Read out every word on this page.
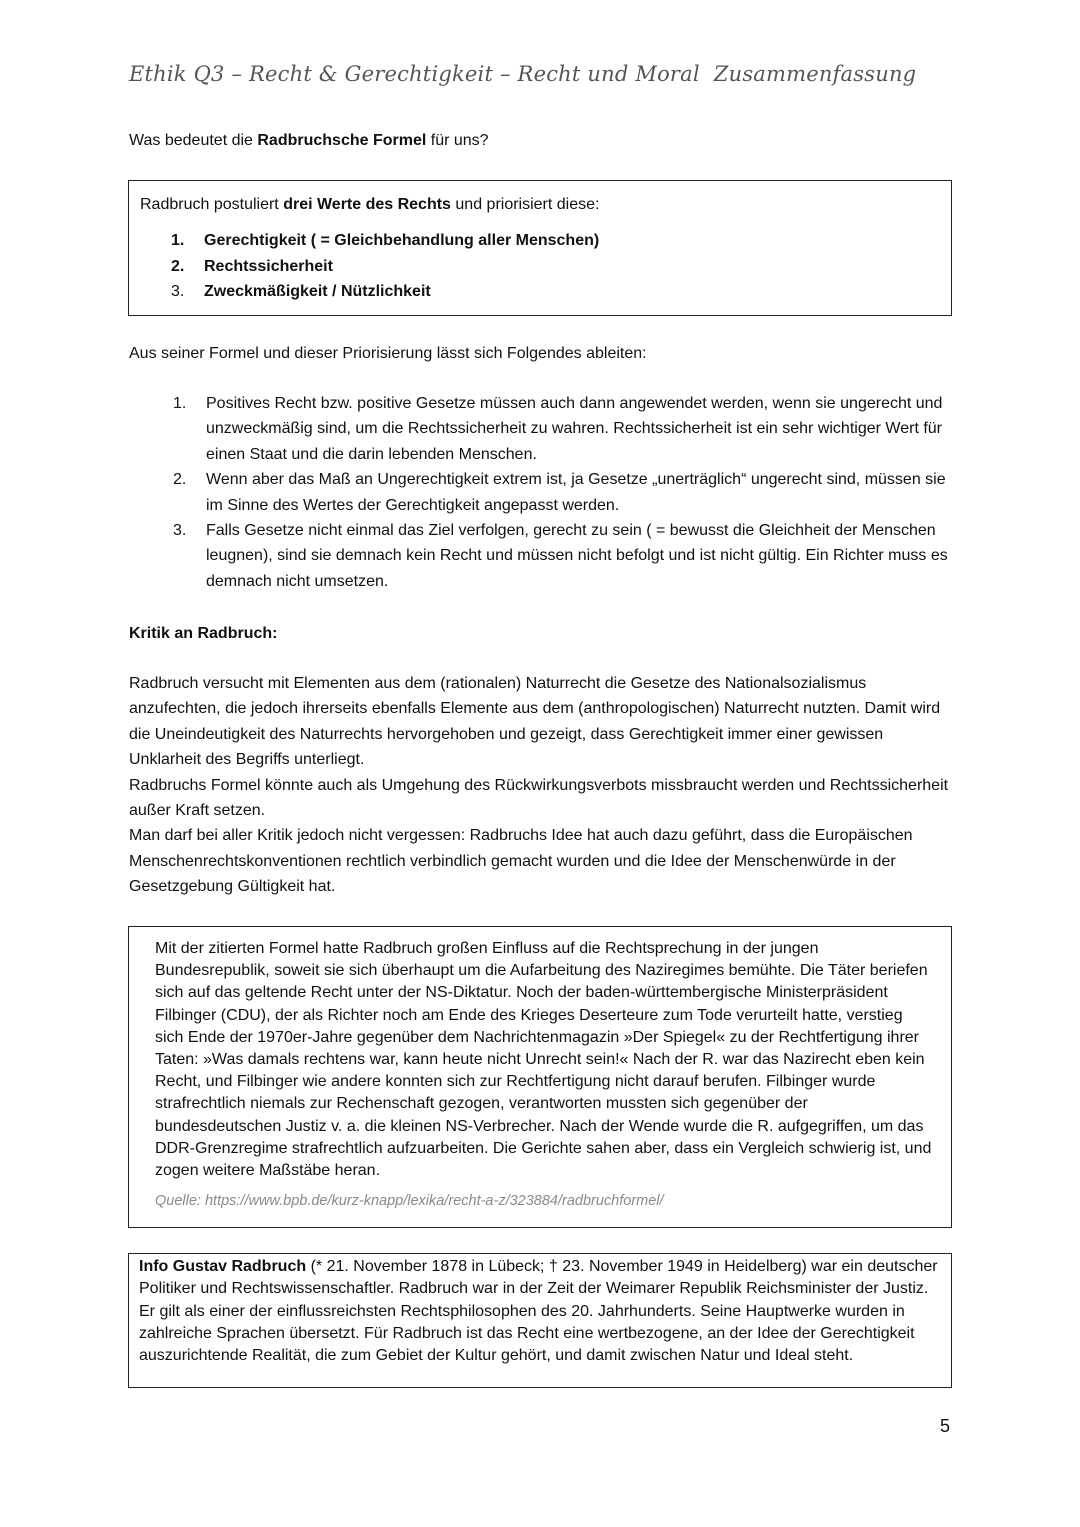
Ethik Q3 – Recht & Gerechtigkeit – Recht und Moral Zusammenfassung
Was bedeutet die Radbruchsche Formel für uns?
Radbruch postuliert drei Werte des Rechts und priorisiert diese:
1.	Gerechtigkeit ( = Gleichbehandlung aller Menschen)
2.	Rechtssicherheit
3.	Zweckmäßigkeit / Nützlichkeit
Aus seiner Formel und dieser Priorisierung lässt sich Folgendes ableiten:
1. Positives Recht bzw. positive Gesetze müssen auch dann angewendet werden, wenn sie ungerecht und unzweckmäßig sind, um die Rechtssicherheit zu wahren. Rechtssicherheit ist ein sehr wichtiger Wert für einen Staat und die darin lebenden Menschen.
2. Wenn aber das Maß an Ungerechtigkeit extrem ist, ja Gesetze „unerträglich“ ungerecht sind, müssen sie im Sinne des Wertes der Gerechtigkeit angepasst werden.
3. Falls Gesetze nicht einmal das Ziel verfolgen, gerecht zu sein ( = bewusst die Gleichheit der Menschen leugnen), sind sie demnach kein Recht und müssen nicht befolgt und ist nicht gültig. Ein Richter muss es demnach nicht umsetzen.
Kritik an Radbruch:

Radbruch versucht mit Elementen aus dem (rationalen) Naturrecht die Gesetze des Nationalsozialismus anzufechten, die jedoch ihrerseits ebenfalls Elemente aus dem (anthropologischen) Naturrecht nutzten. Damit wird die Uneindeutigkeit des Naturrechts hervorgehoben und gezeigt, dass Gerechtigkeit immer einer gewissen Unklarheit des Begriffs unterliegt.

Radbruchs Formel könnte auch als Umgehung des Rückwirkungsverbots missbraucht werden und Rechtssicherheit außer Kraft setzen.

Man darf bei aller Kritik jedoch nicht vergessen: Radbruchs Idee hat auch dazu geführt, dass die Europäischen Menschenrechtskonventionen rechtlich verbindlich gemacht wurden und die Idee der Menschenwürde in der Gesetzgebung Gültigkeit hat.

Mit der zitierten Formel hatte Radbruch großen Einfluss auf die Rechtsprechung in der jungen Bundesrepublik, soweit sie sich überhaupt um die Aufarbeitung des Naziregimes bemühte. Die Täter beriefen sich auf das geltende Recht unter der NS-Diktatur. Noch der baden-württembergische Ministerpräsident Filbinger (CDU), der als Richter noch am Ende des Krieges Deserteure zum Tode verurteilt hatte, verstieg sich Ende der 1970er-Jahre gegenüber dem Nachrichtenmagazin »Der Spiegel« zu der Rechtfertigung ihrer Taten: »Was damals rechtens war, kann heute nicht Unrecht sein!« Nach der R. war das Nazirecht eben kein Recht, und Filbinger wie andere konnten sich zur Rechtfertigung nicht darauf berufen. Filbinger wurde strafrechtlich niemals zur Rechenschaft gezogen, verantworten mussten sich gegenüber der bundesdeutschen Justiz v. a. die kleinen NS-Verbrecher. Nach der Wende wurde die R. aufgegriffen, um das DDR-Grenzregime strafrechtlich aufzuarbeiten. Die Gerichte sahen aber, dass ein Vergleich schwierig ist, und zogen weitere Maßstäbe heran.
Quelle: https://www.bpb.de/kurz-knapp/lexika/recht-a-z/323884/radbruchformel/
Info Gustav Radbruch (* 21. November 1878 in Lübeck; † 23. November 1949 in Heidelberg) war ein deutscher Politiker und Rechtswissenschaftler. Radbruch war in der Zeit der Weimarer Republik Reichsminister der Justiz. Er gilt als einer der einflussreichsten Rechtsphilosophen des 20. Jahrhunderts. Seine Hauptwerke wurden in zahlreiche Sprachen übersetzt. Für Radbruch ist das Recht eine wertbezogene, an der Idee der Gerechtigkeit auszurichtende Realität, die zum Gebiet der Kultur gehört, und damit zwischen Natur und Ideal steht.
5
